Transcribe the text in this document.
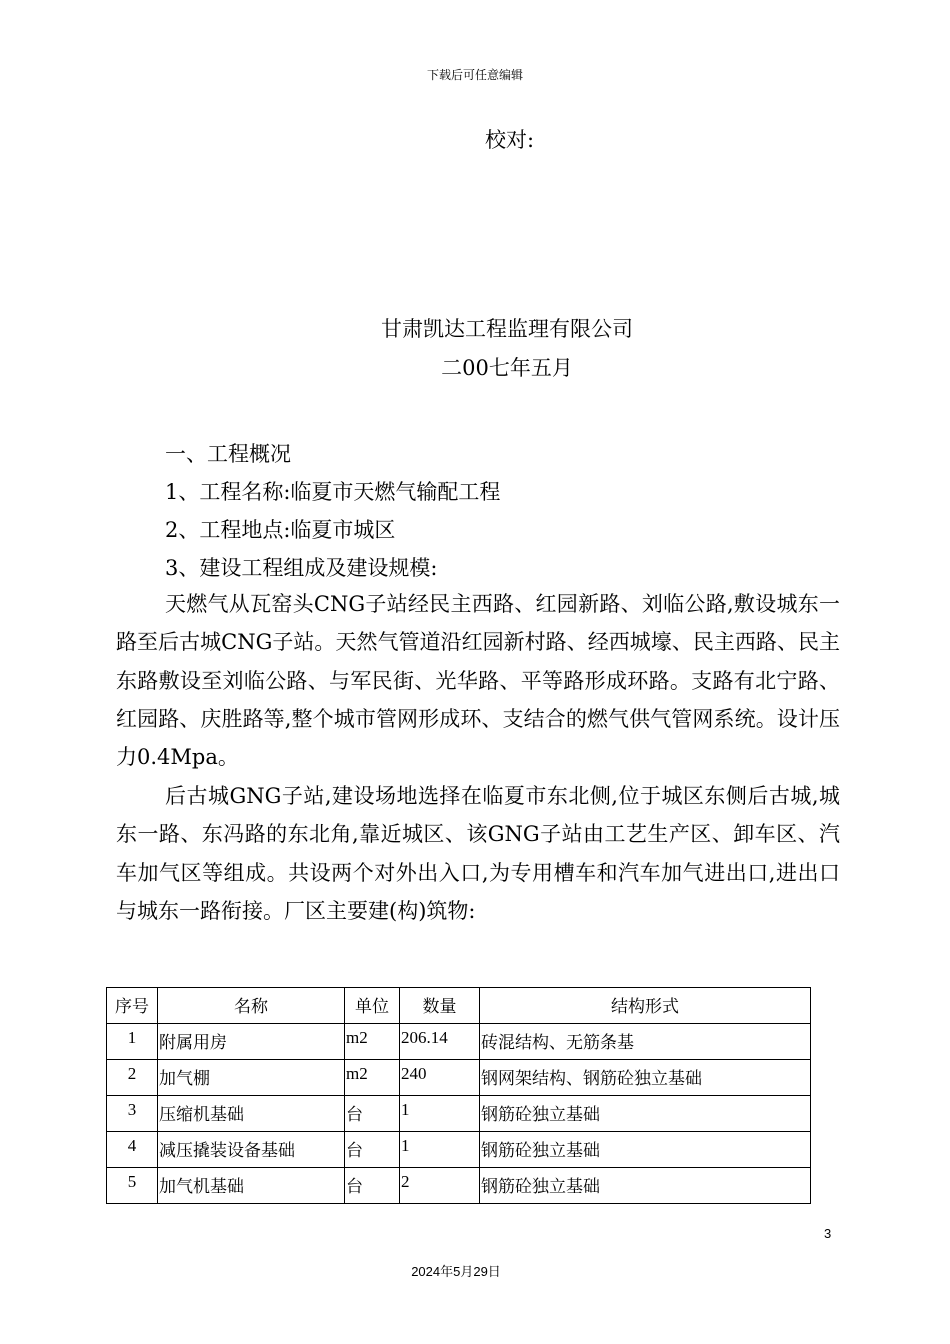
下载后可任意编辑
校对:
甘肃凯达工程监理有限公司
二00七年五月
一、工程概况
1、工程名称:临夏市天燃气输配工程
2、工程地点:临夏市城区
3、建设工程组成及建设规模:

天燃气从瓦窑头CNG子站经民主西路、红园新路、刘临公路,敷设城东一路至后古城CNG子站。天然气管道沿红园新村路、经西城壕、民主西路、民主东路敷设至刘临公路、与军民街、光华路、平等路形成环路。支路有北宁路、红园路、庆胜路等,整个城市管网形成环、支结合的燃气供气管网系统。设计压力0.4Mpa。

后古城GNG子站,建设场地选择在临夏市东北侧,位于城区东侧后古城,城东一路、东冯路的东北角,靠近城区、该GNG子站由工艺生产区、卸车区、汽车加气区等组成。共设两个对外出入口,为专用槽车和汽车加气进出口,进出口与城东一路衔接。厂区主要建(构)筑物:

序号	名称	单位	数量	结构形式
1	附属用房	m2	206.14	砖混结构、无筋条基
2	加气棚	m2	240	钢网架结构、钢筋砼独立基础
3	压缩机基础	台	1	钢筋砼独立基础
4	减压撬装设备基础	台	1	钢筋砼独立基础
5	加气机基础	台	2	钢筋砼独立基础
3
2024年5月29日
